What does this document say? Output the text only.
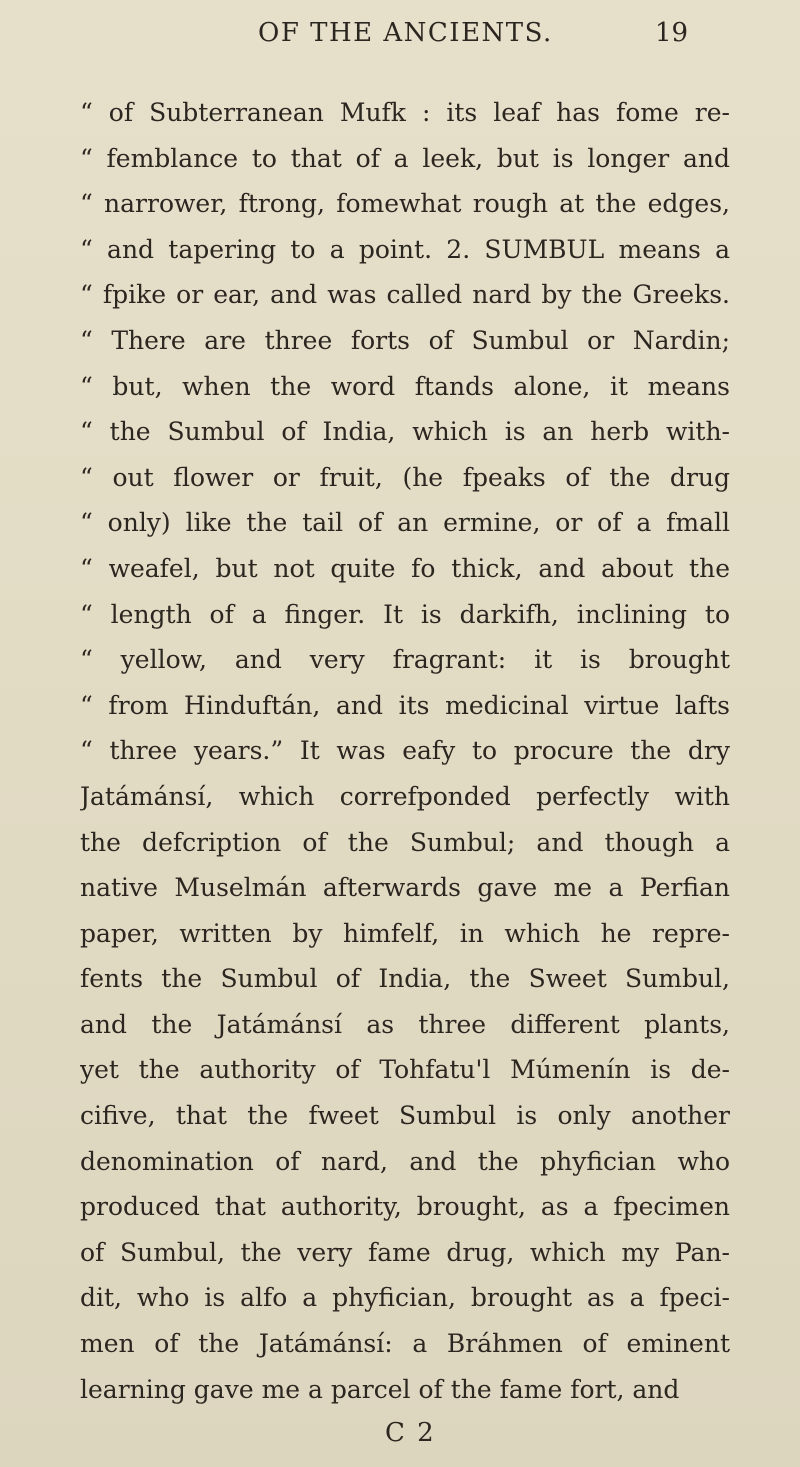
OF THE ANCIENTS.	19
“ of Subterranean Mufk : its leaf has fome re-
“ femblance to that of a leek, but is longer and
“ narrower, ftrong, fomewhat rough at the edges,
“ and tapering to a point. 2. SUMBUL means a
“ fpike or ear, and was called nard by the Greeks.
“ There are three forts of Sumbul or Nardin;
“ but, when the word ftands alone, it means
“ the Sumbul of India, which is an herb with-
“ out flower or fruit, (he fpeaks of the drug
“ only) like the tail of an ermine, or of a fmall
“ weafel, but not quite fo thick, and about the
“ length of a finger. It is darkifh, inclining to
“ yellow, and very fragrant: it is brought
“ from Hinduftán, and its medicinal virtue lafts
“ three years.” It was eafy to procure the dry
Jatámánsí, which correfponded perfectly with
the defcription of the Sumbul; and though a
native Muselmán afterwards gave me a Perfian
paper, written by himfelf, in which he repre-
fents the Sumbul of India, the Sweet Sumbul,
and the Jatámánsí as three different plants,
yet the authority of Tohfatu'l Múmenín is de-
cifive, that the fweet Sumbul is only another
denomination of nard, and the phyfician who
produced that authority, brought, as a fpecimen
of Sumbul, the very fame drug, which my Pan-
dit, who is alfo a phyfician, brought as a fpeci-
men of the Jatámánsí: a Bráhmen of eminent
learning gave me a parcel of the fame fort, and
C 2
